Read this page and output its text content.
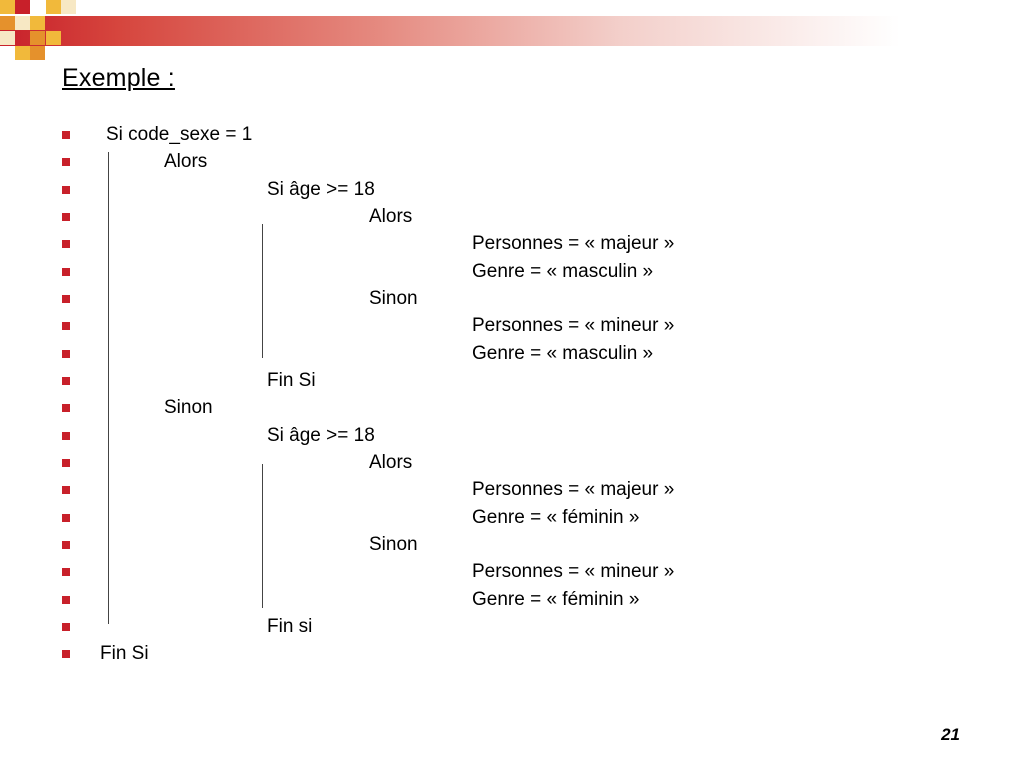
Exemple :
Si code_sexe = 1
Alors
Si âge >= 18
Alors
Personnes = « majeur »
Genre = « masculin »
Sinon
Personnes = « mineur »
Genre = « masculin »
Fin Si
Sinon
Si âge >= 18
Alors
Personnes = « majeur »
Genre = « féminin »
Sinon
Personnes = « mineur »
Genre = « féminin »
Fin si
Fin Si
21
